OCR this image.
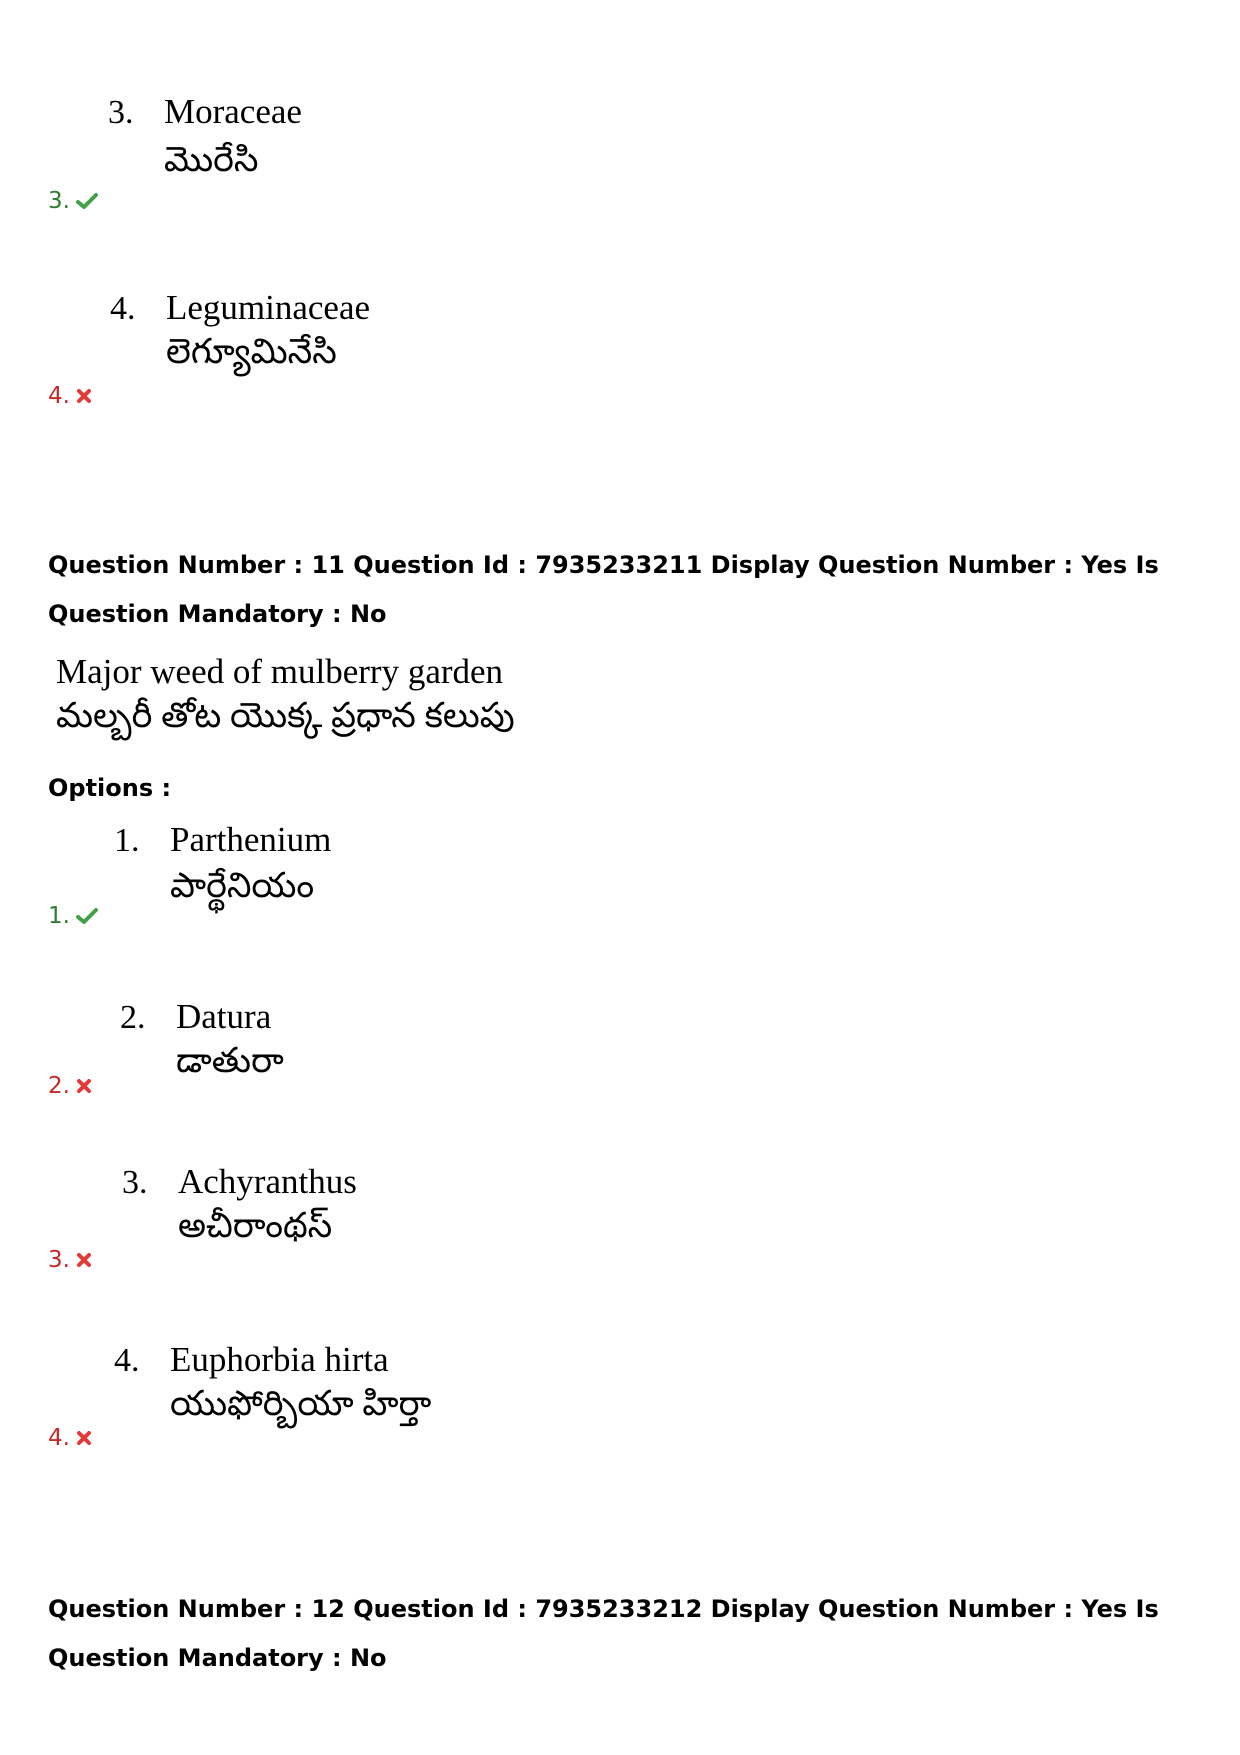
3. Moraceae
మొరేసి
3.
4. Leguminaceae
లెగ్యూమినేసి
4.
Question Number : 11 Question Id : 7935233211 Display Question Number : Yes Is Question Mandatory : No
Major weed of mulberry garden
మల్బరీ తోట యొక్క ప్రధాన కలుపు
Options :
1. Parthenium
పార్థేనియం
1.
2. Datura
డాతురా
2.
3. Achyranthus
అచీరాంథస్
3.
4. Euphorbia hirta
యుఫోర్బియా హిర్తా
4.
Question Number : 12 Question Id : 7935233212 Display Question Number : Yes Is Question Mandatory : No
